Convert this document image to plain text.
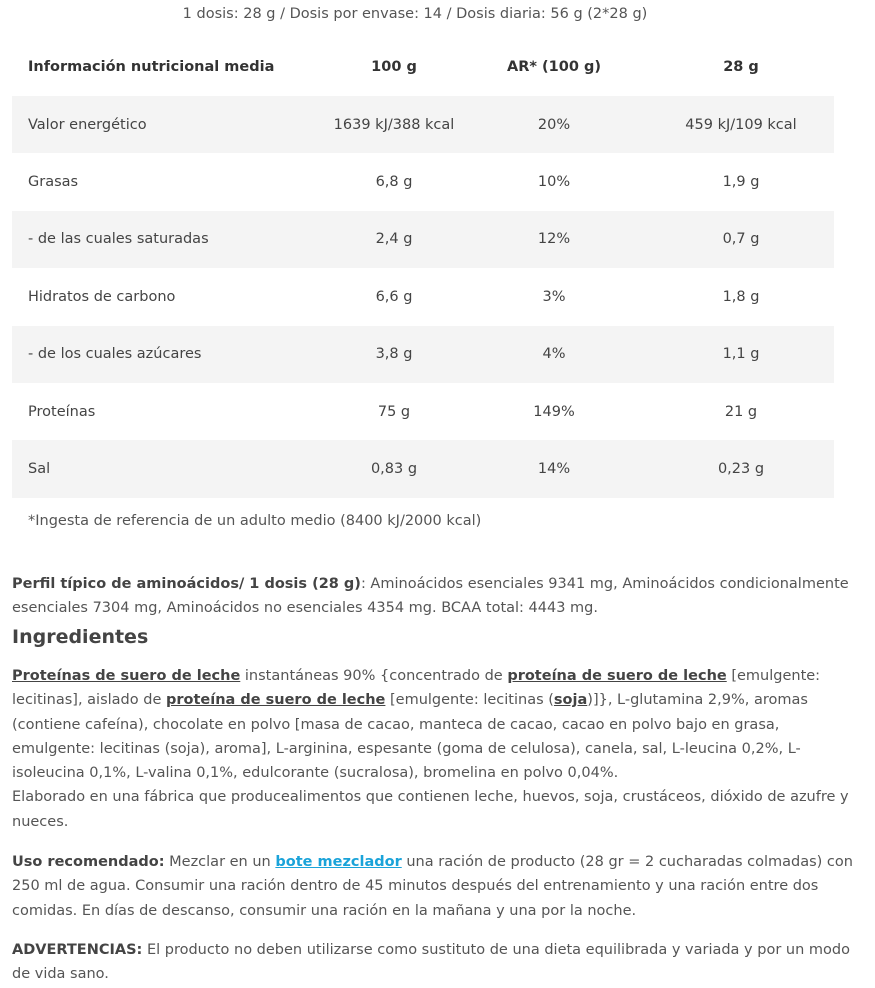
1 dosis: 28 g / Dosis por envase: 14 / Dosis diaria: 56 g (2*28 g)
Información nutricional media	100 g	AR* (100 g)	28 g
Valor energético	1639 kJ/388 kcal	20%	459 kJ/109 kcal
Grasas	6,8 g	10%	1,9 g
- de las cuales saturadas	2,4 g	12%	0,7 g
Hidratos de carbono	6,6 g	3%	1,8 g
- de los cuales azúcares	3,8 g	4%	1,1 g
Proteínas	75 g	149%	21 g
Sal	0,83 g	14%	0,23 g
*Ingesta de referencia de un adulto medio (8400 kJ/2000 kcal)			
Perfil típico de aminoácidos/ 1 dosis (28 g): Aminoácidos esenciales 9341 mg, Aminoácidos condicionalmente esenciales 7304 mg, Aminoácidos no esenciales 4354 mg. BCAA total: 4443 mg.
Ingredientes
Proteínas de suero de leche instantáneas 90% {concentrado de proteína de suero de leche [emulgente: lecitinas], aislado de proteína de suero de leche [emulgente: lecitinas (soja)]}, L-glutamina 2,9%, aromas (contiene cafeína), chocolate en polvo [masa de cacao, manteca de cacao, cacao en polvo bajo en grasa, emulgente: lecitinas (soja), aroma], L-arginina, espesante (goma de celulosa), canela, sal, L-leucina 0,2%, L-isoleucina 0,1%, L-valina 0,1%, edulcorante (sucralosa), bromelina en polvo 0,04%.
Elaborado en una fábrica que producealimentos que contienen leche, huevos, soja, crustáceos, dióxido de azufre y nueces.
Uso recomendado: Mezclar en un bote mezclador una ración de producto (28 gr = 2 cucharadas colmadas) con 250 ml de agua. Consumir una ración dentro de 45 minutos después del entrenamiento y una ración entre dos comidas. En días de descanso, consumir una ración en la mañana y una por la noche.
ADVERTENCIAS: El producto no deben utilizarse como sustituto de una dieta equilibrada y variada y por un modo de vida sano.
